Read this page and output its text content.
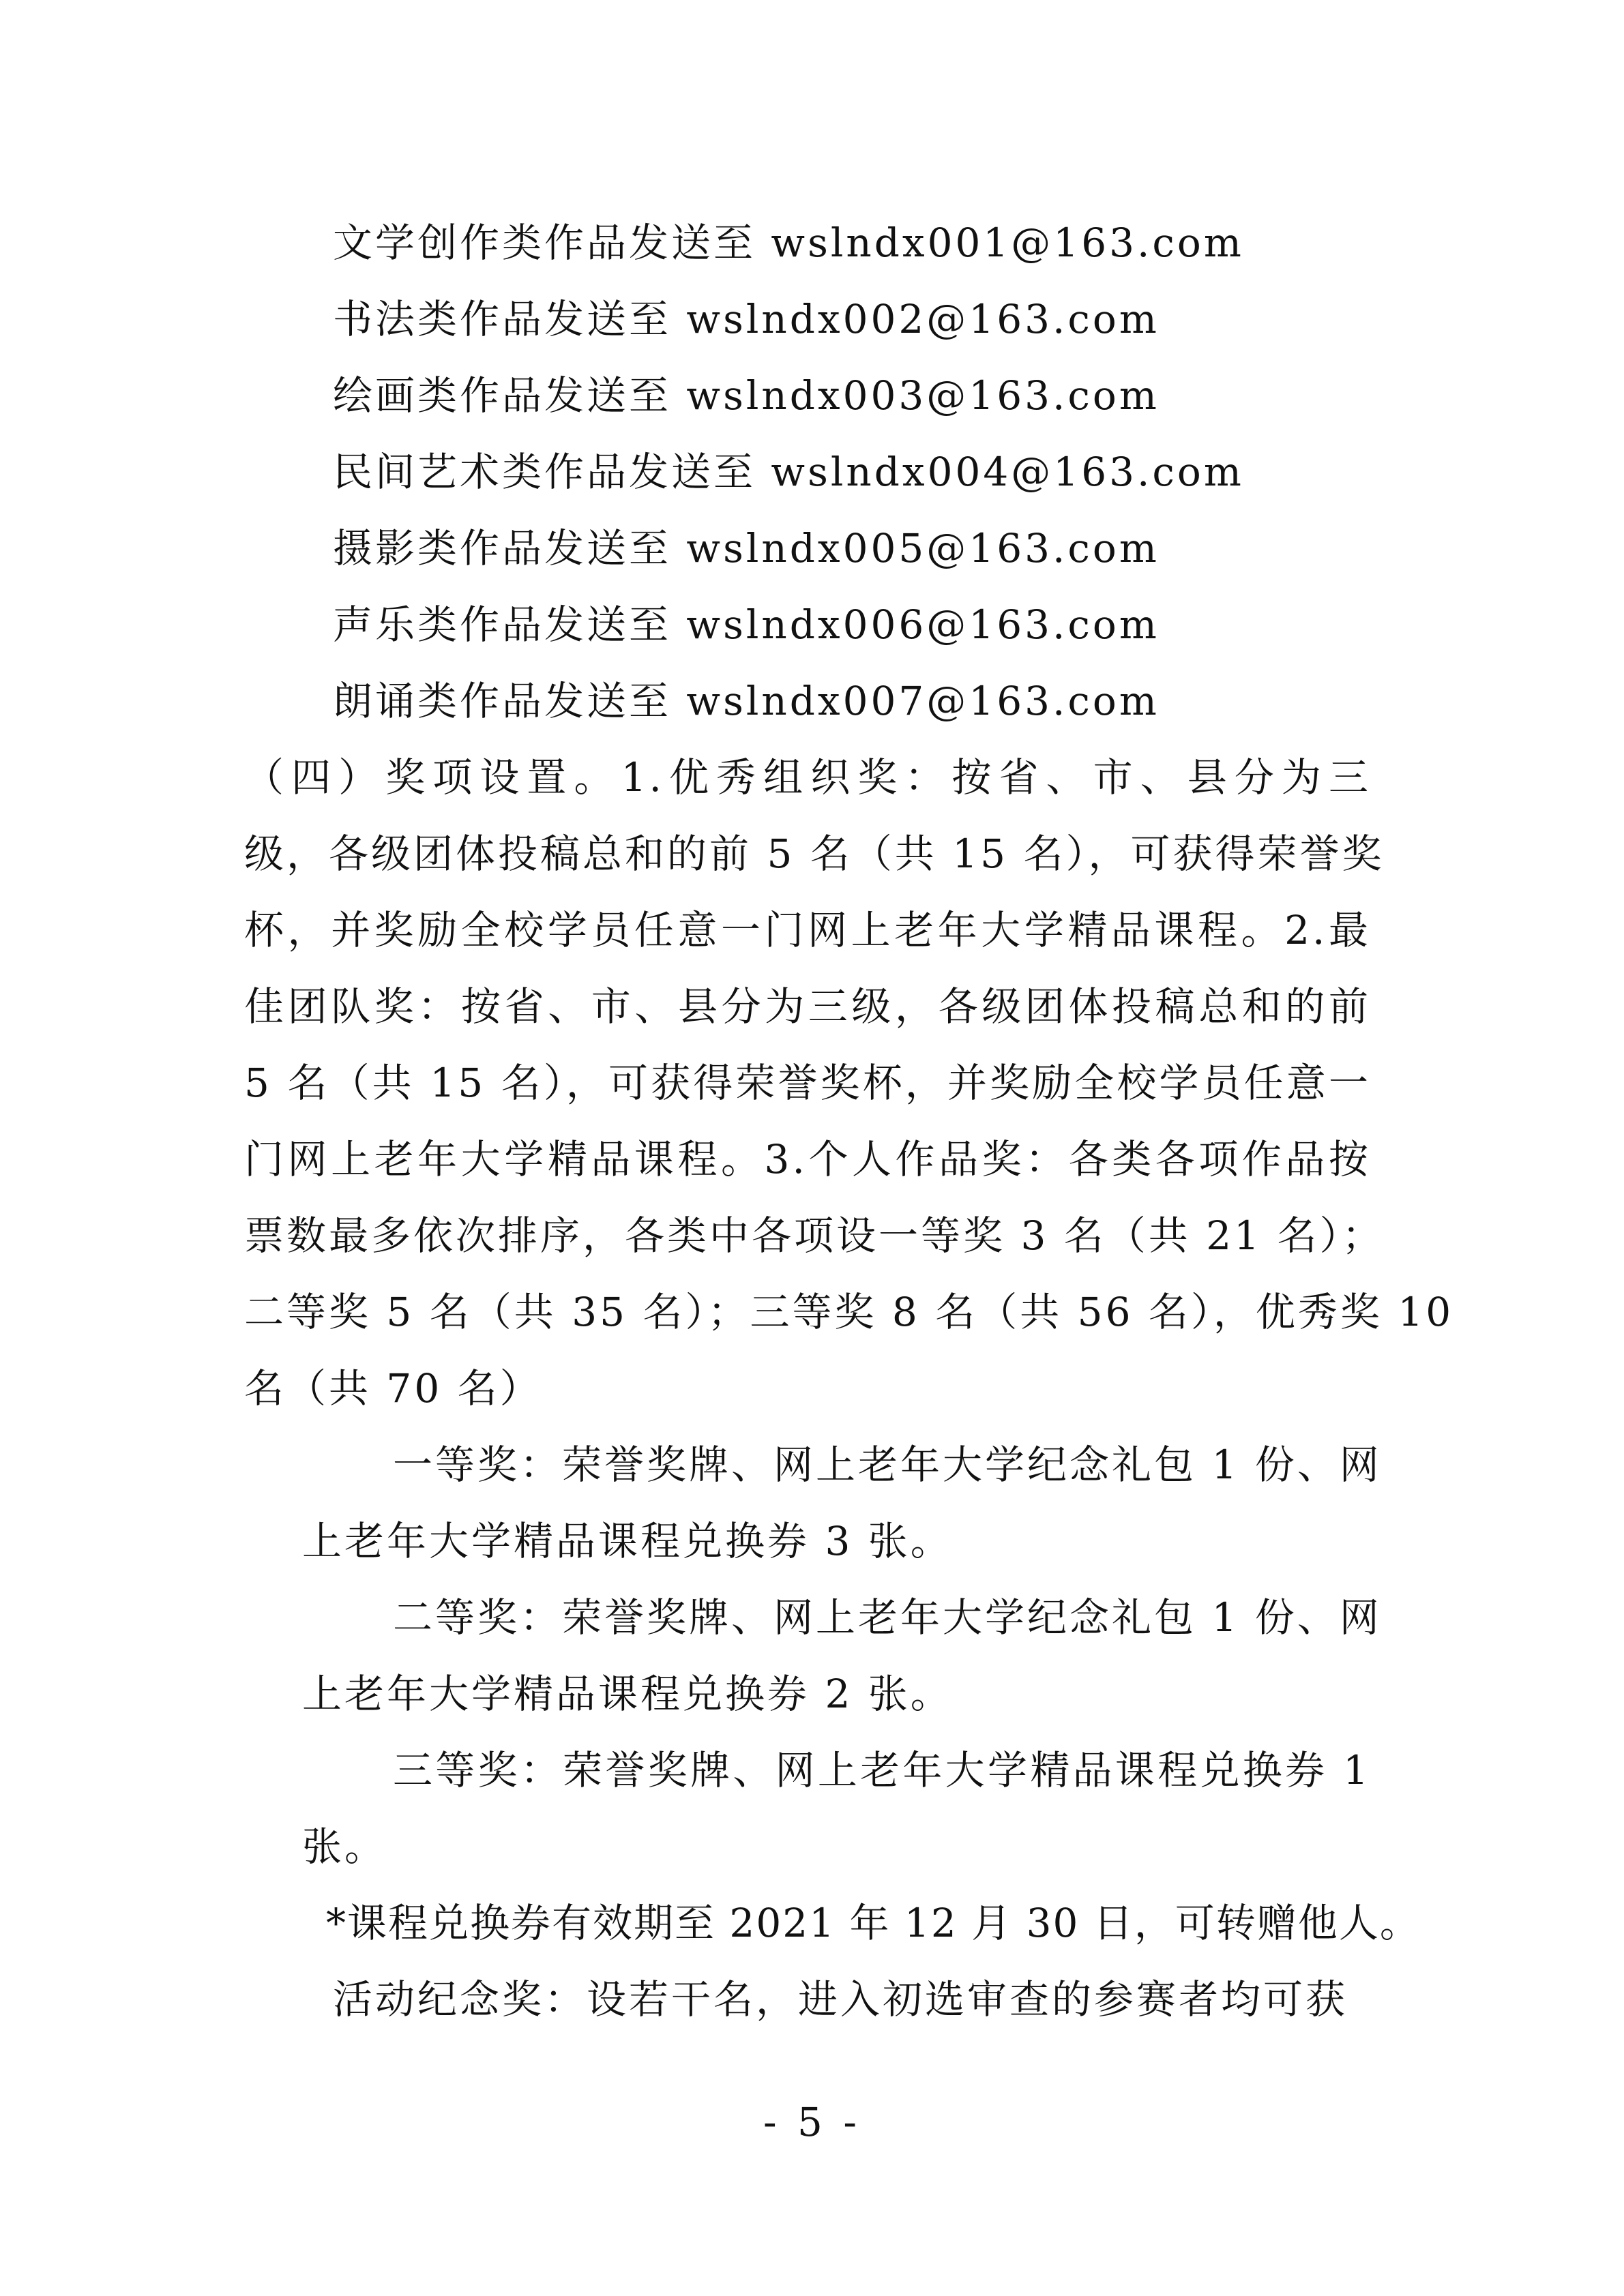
文学创作类作品发送至 wslndx001@163.com
书法类作品发送至 wslndx002@163.com
绘画类作品发送至 wslndx003@163.com
民间艺术类作品发送至 wslndx004@163.com
摄影类作品发送至 wslndx005@163.com
声乐类作品发送至 wslndx006@163.com
朗诵类作品发送至 wslndx007@163.com
（四）奖项设置。1.优秀组织奖：按省、市、县分为三
级，各级团体投稿总和的前 5 名（共 15 名），可获得荣誉奖
杯，并奖励全校学员任意一门网上老年大学精品课程。2.最
佳团队奖：按省、市、县分为三级，各级团体投稿总和的前
5 名（共 15 名），可获得荣誉奖杯，并奖励全校学员任意一
门网上老年大学精品课程。3.个人作品奖：各类各项作品按
票数最多依次排序，各类中各项设一等奖 3 名（共 21 名）；
二等奖 5 名（共 35 名）；三等奖 8 名（共 56 名），优秀奖 10
名（共 70 名）
一等奖：荣誉奖牌、网上老年大学纪念礼包 1 份、网
上老年大学精品课程兑换券 3 张。
二等奖：荣誉奖牌、网上老年大学纪念礼包 1 份、网
上老年大学精品课程兑换券 2 张。
三等奖：荣誉奖牌、网上老年大学精品课程兑换券 1
张。
*课程兑换券有效期至 2021 年 12 月 30 日，可转赠他人。
活动纪念奖：设若干名，进入初选审查的参赛者均可获
- 5 -
